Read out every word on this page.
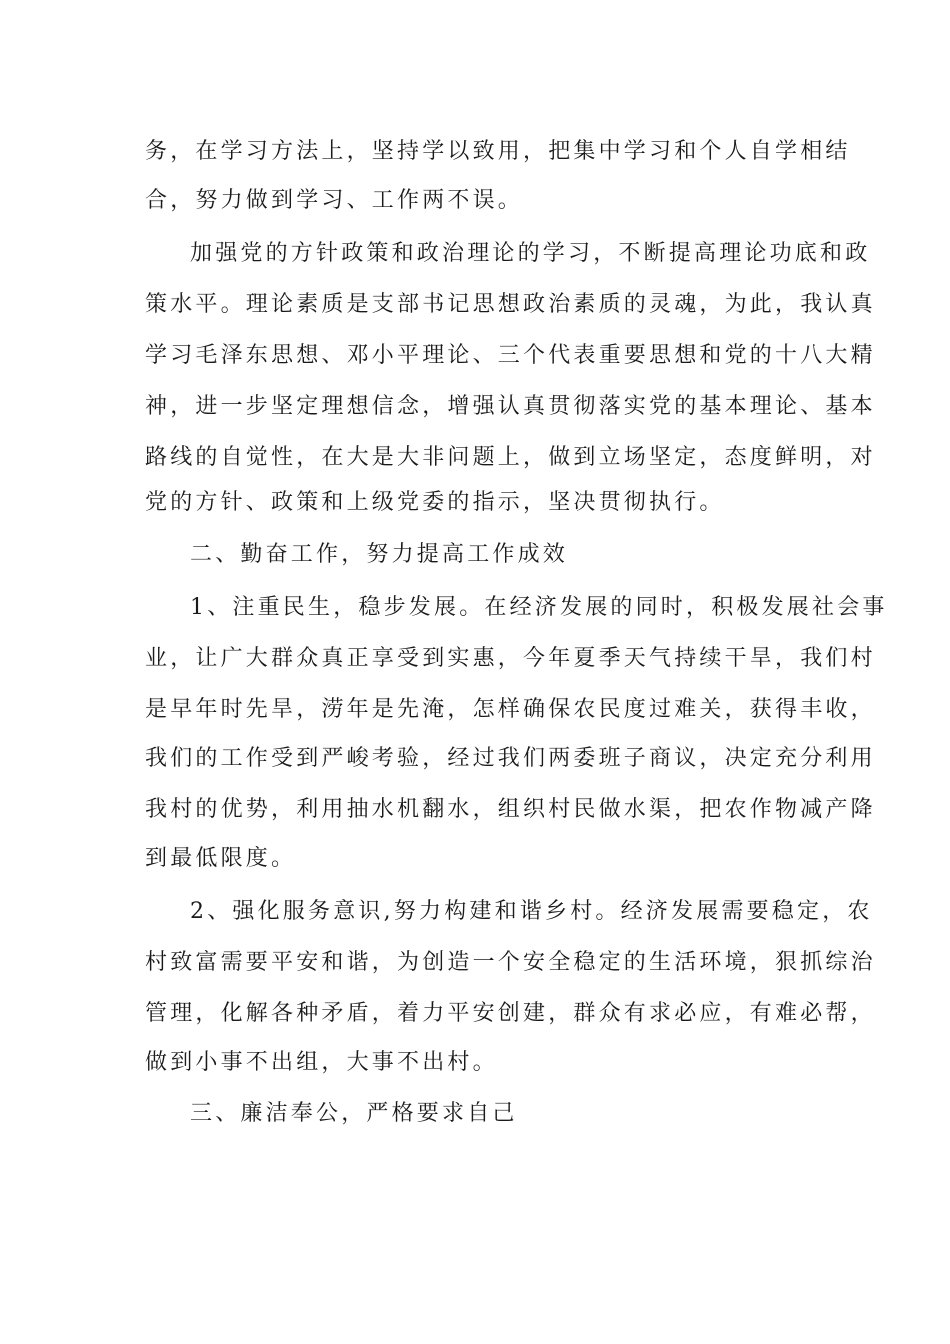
务，在学习方法上，坚持学以致用，把集中学习和个人自学相结
合，努力做到学习、工作两不误。
加强党的方针政策和政治理论的学习，不断提高理论功底和政
策水平。理论素质是支部书记思想政治素质的灵魂，为此，我认真
学习毛泽东思想、邓小平理论、三个代表重要思想和党的十八大精
神，进一步坚定理想信念，增强认真贯彻落实党的基本理论、基本
路线的自觉性，在大是大非问题上，做到立场坚定，态度鲜明，对
党的方针、政策和上级党委的指示，坚决贯彻执行。
二、勤奋工作，努力提高工作成效
1、注重民生，稳步发展。在经济发展的同时，积极发展社会事
业，让广大群众真正享受到实惠，今年夏季天气持续干旱，我们村
是早年时先旱，涝年是先淹，怎样确保农民度过难关，获得丰收，
我们的工作受到严峻考验，经过我们两委班子商议，决定充分利用
我村的优势，利用抽水机翻水，组织村民做水渠，把农作物减产降
到最低限度。
2、强化服务意识,努力构建和谐乡村。经济发展需要稳定，农
村致富需要平安和谐，为创造一个安全稳定的生活环境，狠抓综治
管理，化解各种矛盾，着力平安创建，群众有求必应，有难必帮，
做到小事不出组，大事不出村。
三、廉洁奉公，严格要求自己
